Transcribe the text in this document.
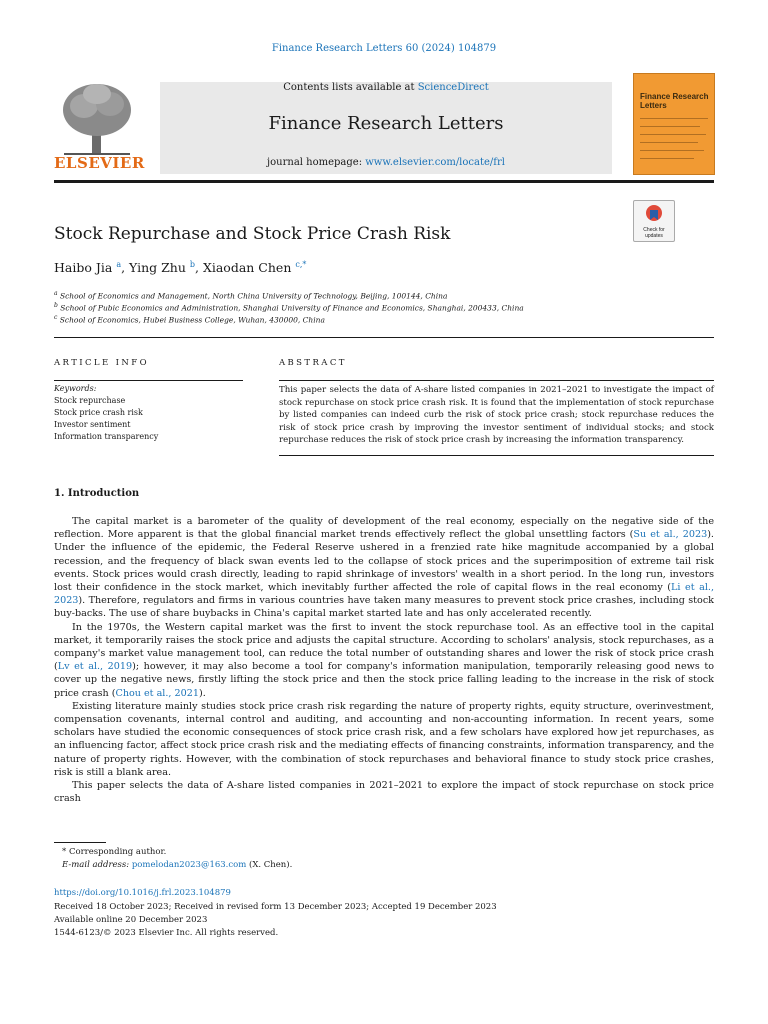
Finance Research Letters 60 (2024) 104879
ELSEVIER
Contents lists available at ScienceDirect
Finance Research Letters
journal homepage: www.elsevier.com/locate/frl
Finance Research Letters
Check for updates
Stock Repurchase and Stock Price Crash Risk
Haibo Jia $^a$, Ying Zhu $^b$, Xiaodan Chen $^{c,*}$
$^a$ School of Economics and Management, North China University of Technology, Beijing, 100144, China
$^b$ School of Pubic Economics and Administration, Shanghai University of Finance and Economics, Shanghai, 200433, China
$^c$ School of Economics, Hubei Business College, Wuhan, 430000, China
ARTICLE INFO	ABSTRACT
Keywords:
Stock repurchase
Stock price crash risk
Investor sentiment
Information transparency
This paper selects the data of A-share listed companies in 2021–2021 to investigate the impact of stock repurchase on stock price crash risk. It is found that the implementation of stock repurchase by listed companies can indeed curb the risk of stock price crash; stock repurchase reduces the risk of stock price crash by improving the investor sentiment of individual stocks; and stock repurchase reduces the risk of stock price crash by increasing the information transparency.
1. Introduction

The capital market is a barometer of the quality of development of the real economy, especially on the negative side of the reflection. More apparent is that the global financial market trends effectively reflect the global unsettling factors (Su et al., 2023). Under the influence of the epidemic, the Federal Reserve ushered in a frenzied rate hike magnitude accompanied by a global recession, and the frequency of black swan events led to the collapse of stock prices and the superimposition of extreme tail risk events. Stock prices would crash directly, leading to rapid shrinkage of investors' wealth in a short period. In the long run, investors lost their confidence in the stock market, which inevitably further affected the role of capital flows in the real economy (Li et al., 2023). Therefore, regulators and firms in various countries have taken many measures to prevent stock price crashes, including stock buy-backs. The use of share buybacks in China's capital market started late and has only accelerated recently.

In the 1970s, the Western capital market was the first to invent the stock repurchase tool. As an effective tool in the capital market, it temporarily raises the stock price and adjusts the capital structure. According to scholars' analysis, stock repurchases, as a company's market value management tool, can reduce the total number of outstanding shares and lower the risk of stock price crash (Lv et al., 2019); however, it may also become a tool for company's information manipulation, temporarily releasing good news to cover up the negative news, firstly lifting the stock price and then the stock price falling leading to the increase in the risk of stock price crash (Chou et al., 2021).

Existing literature mainly studies stock price crash risk regarding the nature of property rights, equity structure, overinvestment, compensation covenants, internal control and auditing, and accounting and non-accounting information. In recent years, some scholars have studied the economic consequences of stock price crash risk, and a few scholars have explored how jet repurchases, as an influencing factor, affect stock price crash risk and the mediating effects of financing constraints, information transparency, and the nature of property rights. However, with the combination of stock repurchases and behavioral finance to study stock price crashes, risk is still a blank area.

This paper selects the data of A-share listed companies in 2021–2021 to explore the impact of stock repurchase on stock price crash

* Corresponding author.
E-mail address: pomelodan2023@163.com (X. Chen).
https://doi.org/10.1016/j.frl.2023.104879
Received 18 October 2023; Received in revised form 13 December 2023; Accepted 19 December 2023
Available online 20 December 2023
1544-6123/© 2023 Elsevier Inc. All rights reserved.
